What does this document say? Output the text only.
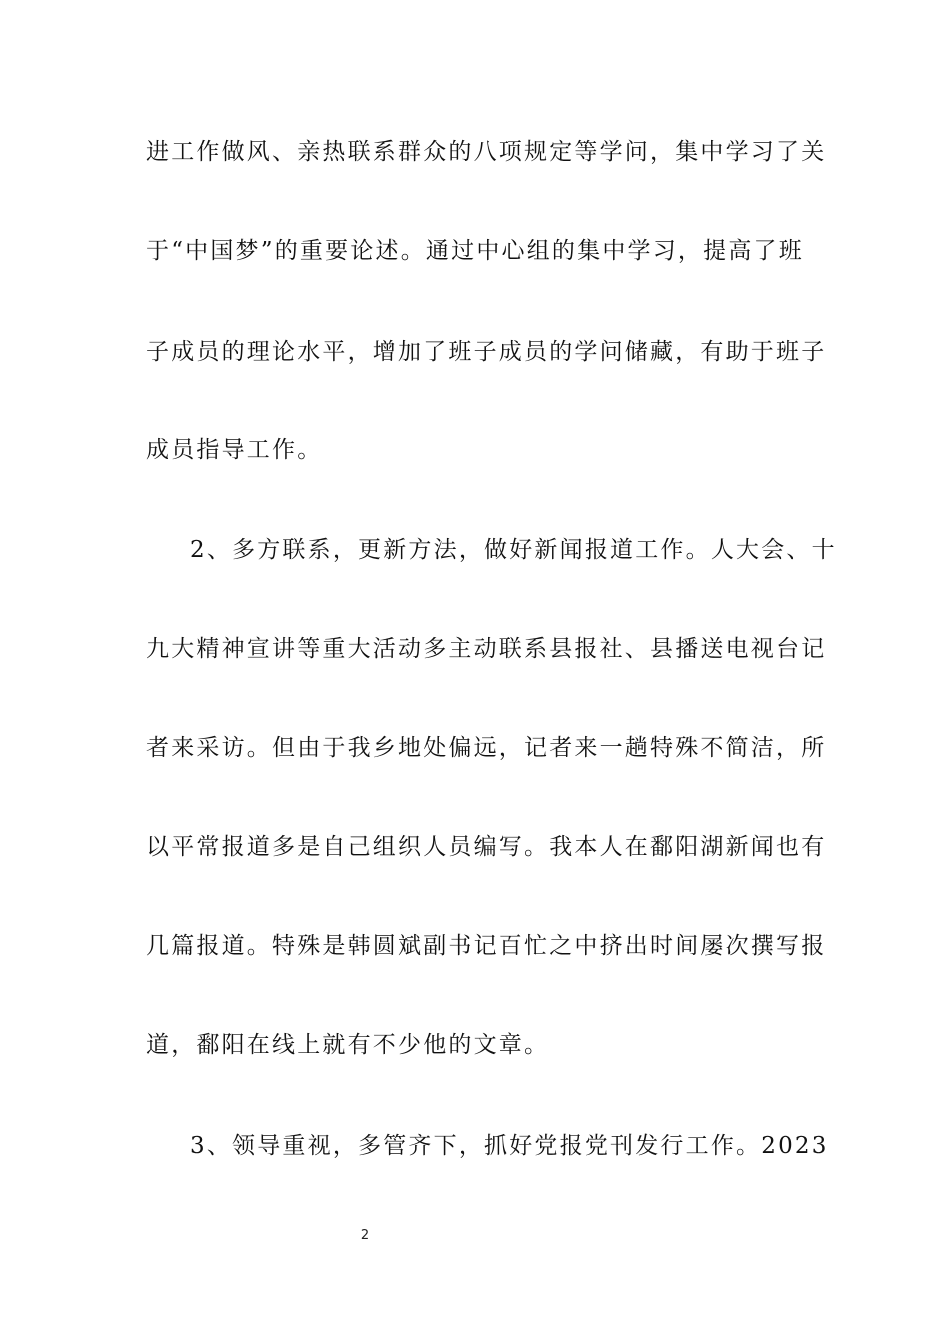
进工作做风、亲热联系群众的八项规定等学问，集中学习了关
于“中国梦”的重要论述。通过中心组的集中学习，提高了班
子成员的理论水平，增加了班子成员的学问储藏，有助于班子
成员指导工作。
2、多方联系，更新方法，做好新闻报道工作。人大会、十
九大精神宣讲等重大活动多主动联系县报社、县播送电视台记
者来采访。但由于我乡地处偏远，记者来一趟特殊不简洁，所
以平常报道多是自己组织人员编写。我本人在鄱阳湖新闻也有
几篇报道。特殊是韩圆斌副书记百忙之中挤出时间屡次撰写报
道，鄱阳在线上就有不少他的文章。
3、领导重视，多管齐下，抓好党报党刊发行工作。2023
2
